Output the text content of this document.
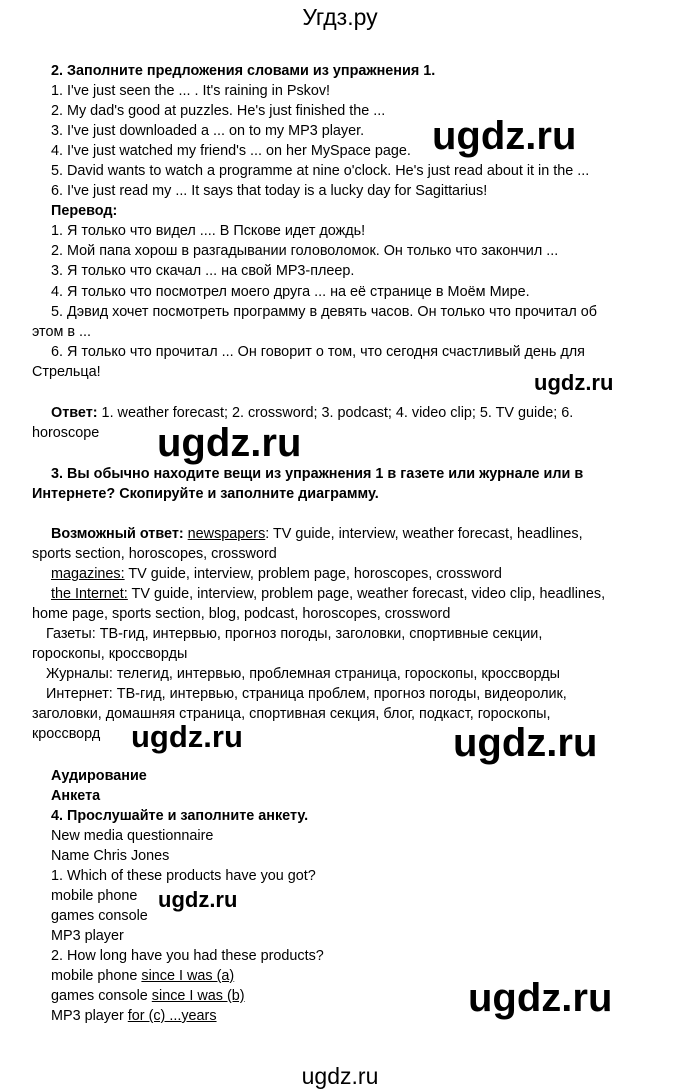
Угдз.ру
2. Заполните предложения словами из упражнения 1.
1. I've just seen the ... . It's raining in Pskov!
2. My dad's good at puzzles. He's just finished the ...
3. I've just downloaded a ... on to my MP3 player.
4. I've just watched my friend's ... on her MySpace page.
5. David wants to watch a programme at nine o'clock. He's just read about it in the ...
6. I've just read my ... It says that today is a lucky day for Sagittarius!
Перевод:
1. Я только что видел .... В Пскове идет дождь!
2. Мой папа хорош в разгадывании головоломок. Он только что закончил ...
3. Я только что скачал ... на свой MP3-плеер.
4. Я только что посмотрел моего друга ... на её странице в Моём Мире.
5. Дэвид хочет посмотреть программу в девять часов. Он только что прочитал об
этом в ...
6. Я только что прочитал ... Он говорит о том, что сегодня счастливый день для
Стрельца!
Ответ: 1. weather forecast; 2. crossword; 3. podcast; 4. video clip; 5. TV guide; 6.
horoscope
3. Вы обычно находите вещи из упражнения 1 в газете или журнале или в
Интернете? Скопируйте и заполните диаграмму.
Возможный ответ: newspapers: TV guide, interview, weather forecast, headlines,
sports section, horoscopes, crossword
magazines: TV guide, interview, problem page, horoscopes, crossword
the Internet: TV guide, interview, problem page, weather forecast, video clip, headlines,
home page, sports section, blog, podcast, horoscopes, crossword
Газеты: ТВ-гид, интервью, прогноз погоды, заголовки, спортивные секции,
гороскопы, кроссворды
Журналы: телегид, интервью, проблемная страница, гороскопы, кроссворды
Интернет: ТВ-гид, интервью, страница проблем, прогноз погоды, видеоролик,
заголовки, домашняя страница, спортивная секция, блог, подкаст, гороскопы,
кроссворд
Аудирование
Анкета
4. Прослушайте и заполните анкету.
New media questionnaire
Name Chris Jones
1. Which of these products have you got?
mobile phone
games console
MP3 player
2. How long have you had these products?
mobile phone since I was (a)
games console since I was (b)
MP3 player for (c) ...years
ugdz.ru
ugdz.ru
ugdz.ru
ugdz.ru	ugdz.ru
ugdz.ru
ugdz.ru
ugdz.ru
